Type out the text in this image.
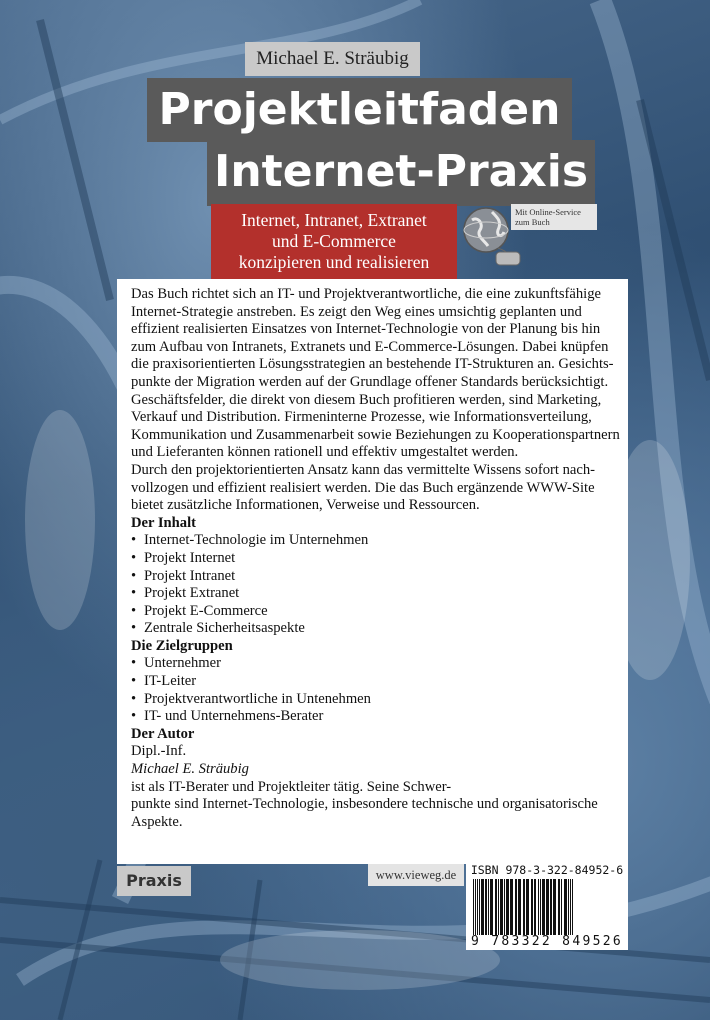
Michael E. Sträubig
Projektleitfaden
Internet-Praxis
Internet, Intranet, Extranet
und E-Commerce
konzipieren und realisieren
Mit Online-Service
zum Buch
Das Buch richtet sich an IT- und Projektverantwortliche, die eine zukunftsfähige
Internet-Strategie anstreben. Es zeigt den Weg eines umsichtig geplanten und
effizient realisierten Einsatzes von Internet-Technologie von der Planung bis hin
zum Aufbau von Intranets, Extranets und E-Commerce-Lösungen. Dabei knüpfen
die praxisorientierten Lösungsstrategien an bestehende IT-Strukturen an. Gesichts-
punkte der Migration werden auf der Grundlage offener Standards berücksichtigt.
Geschäftsfelder, die direkt von diesem Buch profitieren werden, sind Marketing,
Verkauf und Distribution. Firmeninterne Prozesse, wie Informationsverteilung,
Kommunikation und Zusammenarbeit sowie Beziehungen zu Kooperationspartnern
und Lieferanten können rationell und effektiv umgestaltet werden.
Durch den projektorientierten Ansatz kann das vermittelte Wissens sofort nach-
vollzogen und effizient realisiert werden. Die das Buch ergänzende WWW-Site
bietet zusätzliche Informationen, Verweise und Ressourcen.

Der Inhalt

• Internet-Technologie im Unternehmen
• Projekt Internet
• Projekt Intranet
• Projekt Extranet
• Projekt E-Commerce
• Zentrale Sicherheitsaspekte

Die Zielgruppen

• Unternehmer
• IT-Leiter
• Projektverantwortliche in Untenehmen
• IT- und Unternehmens-Berater

Der Autor

Dipl.-Inf.
Michael E. Sträubig
ist als IT-Berater und Projektleiter tätig. Seine Schwer-
punkte sind Internet-Technologie, insbesondere technische und organisatorische
Aspekte.
Praxis	www.vieweg.de	ISBN 978-3-322-84952-6
9 783322 849526
